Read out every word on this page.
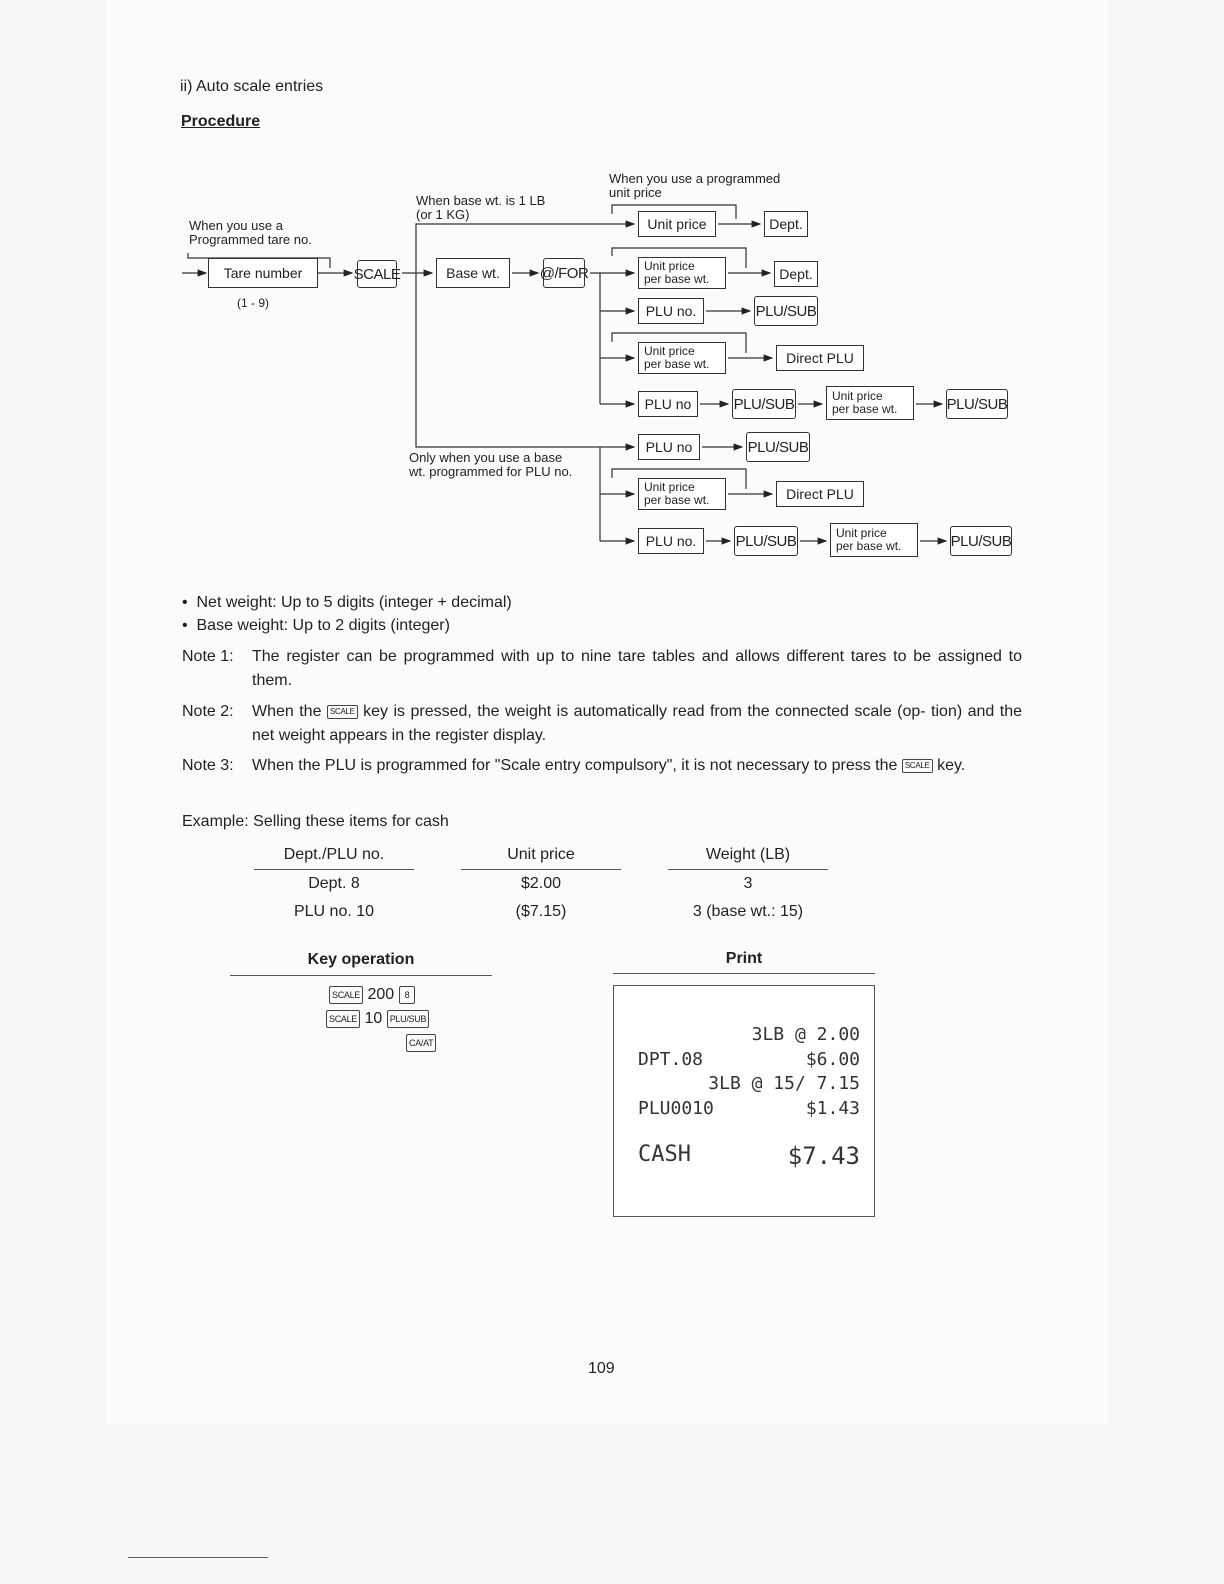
ii) Auto scale entries
Procedure
When you use a
Programmed tare no.
When base wt. is 1 LB
(or 1 KG)
When you use a programmed
unit price
Only when you use a base
wt. programmed for PLU no.
Tare number
(1 - 9)
SCALE	Base wt.	@/FOR
Unit price	Dept.
Unit price
per base wt.	Dept.
PLU no.	PLU/SUB
Unit price
per base wt.	Direct PLU
PLU no	PLU/SUB	Unit price
per base wt.	PLU/SUB
PLU no	PLU/SUB
Unit price
per base wt.	Direct PLU
PLU no.	PLU/SUB	Unit price
per base wt.	PLU/SUB
•  Net weight: Up to 5 digits (integer + decimal)
•  Base weight: Up to 2 digits (integer)
Note 1: The register can be programmed with up to nine tare tables and allows different tares to be assigned to them.
Note 2: When the SCALE key is pressed, the weight is automatically read from the connected scale (op- tion) and the net weight appears in the register display.
Note 3: When the PLU is programmed for "Scale entry compulsory", it is not necessary to press the SCALE key.
Example: Selling these items for cash
Dept./PLU no.	Unit price	Weight (LB)
Dept. 8	$2.00	3
PLU no. 10	($7.15)	3 (base wt.: 15)
Key operation
SCALE 200 8
SCALE 10 PLU/SUB
CA/AT
Print
3LB @ 2.00
DPT.08	$6.00
3LB @ 15/ 7.15
PLU0010	$1.43
CASH	$7.43
109
